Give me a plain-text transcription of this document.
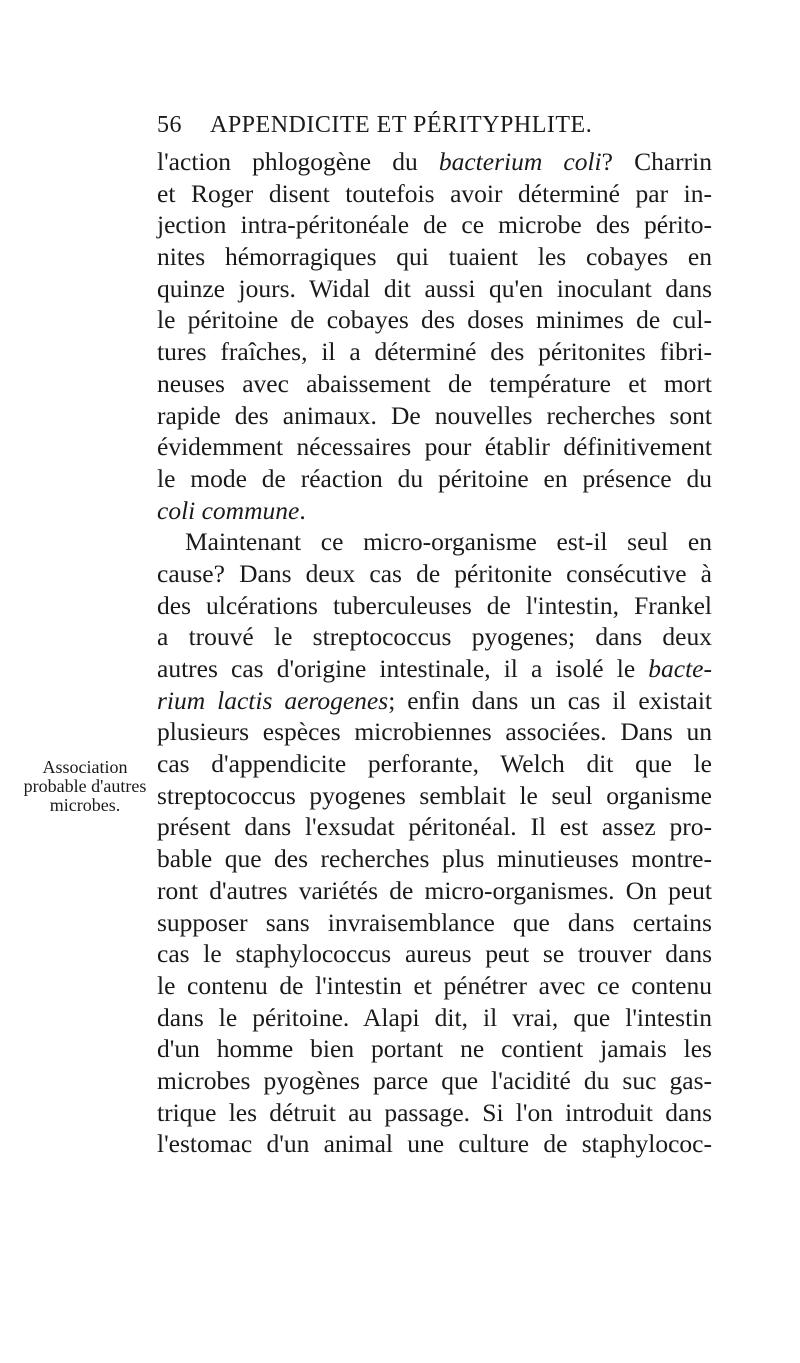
56 APPENDICITE ET PÉRITYPHLITE.
Association
probable d'autres
microbes.
l'action phlogogène du bacterium coli? Charrin
et Roger disent toutefois avoir déterminé par in-
jection intra-péritonéale de ce microbe des périto-
nites hémorragiques qui tuaient les cobayes en
quinze jours. Widal dit aussi qu'en inoculant dans
le péritoine de cobayes des doses minimes de cul-
tures fraîches, il a déterminé des péritonites fibri-
neuses avec abaissement de température et mort
rapide des animaux. De nouvelles recherches sont
évidemment nécessaires pour établir définitivement
le mode de réaction du péritoine en présence du
coli commune.
Maintenant ce micro-organisme est-il seul en
cause? Dans deux cas de péritonite consécutive à
des ulcérations tuberculeuses de l'intestin, Frankel
a trouvé le streptococcus pyogenes; dans deux
autres cas d'origine intestinale, il a isolé le bacte-
rium lactis aerogenes; enfin dans un cas il existait
plusieurs espèces microbiennes associées. Dans un
cas d'appendicite perforante, Welch dit que le
streptococcus pyogenes semblait le seul organisme
présent dans l'exsudat péritonéal. Il est assez pro-
bable que des recherches plus minutieuses montre-
ront d'autres variétés de micro-organismes. On peut
supposer sans invraisemblance que dans certains
cas le staphylococcus aureus peut se trouver dans
le contenu de l'intestin et pénétrer avec ce contenu
dans le péritoine. Alapi dit, il vrai, que l'intestin
d'un homme bien portant ne contient jamais les
microbes pyogènes parce que l'acidité du suc gas-
trique les détruit au passage. Si l'on introduit dans
l'estomac d'un animal une culture de staphylococ-
